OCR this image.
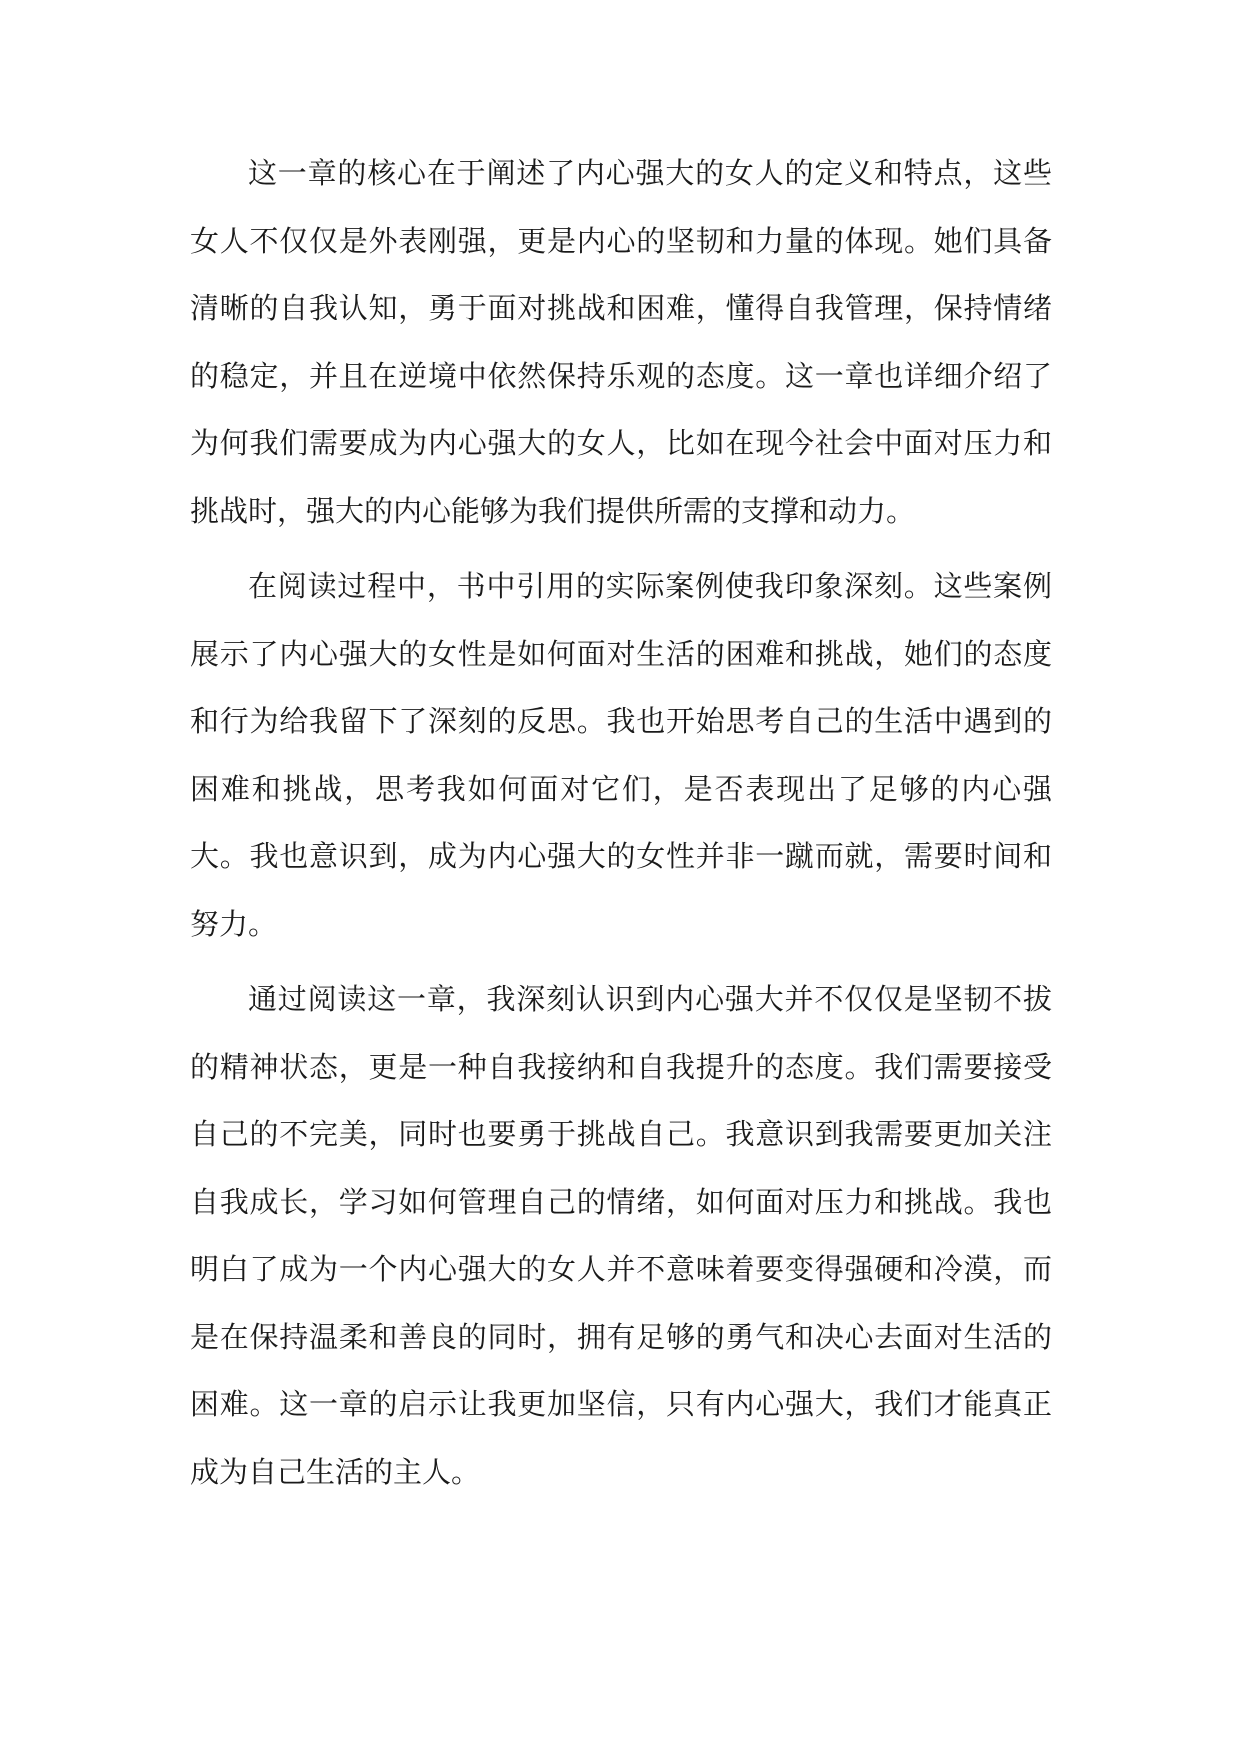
这一章的核心在于阐述了内心强大的女人的定义和特点，这些女人不仅仅是外表刚强，更是内心的坚韧和力量的体现。她们具备清晰的自我认知，勇于面对挑战和困难，懂得自我管理，保持情绪的稳定，并且在逆境中依然保持乐观的态度。这一章也详细介绍了为何我们需要成为内心强大的女人，比如在现今社会中面对压力和挑战时，强大的内心能够为我们提供所需的支撑和动力。

在阅读过程中，书中引用的实际案例使我印象深刻。这些案例展示了内心强大的女性是如何面对生活的困难和挑战，她们的态度和行为给我留下了深刻的反思。我也开始思考自己的生活中遇到的困难和挑战，思考我如何面对它们，是否表现出了足够的内心强大。我也意识到，成为内心强大的女性并非一蹴而就，需要时间和努力。

通过阅读这一章，我深刻认识到内心强大并不仅仅是坚韧不拔的精神状态，更是一种自我接纳和自我提升的态度。我们需要接受自己的不完美，同时也要勇于挑战自己。我意识到我需要更加关注自我成长，学习如何管理自己的情绪，如何面对压力和挑战。我也明白了成为一个内心强大的女人并不意味着要变得强硬和冷漠，而是在保持温柔和善良的同时，拥有足够的勇气和决心去面对生活的困难。这一章的启示让我更加坚信，只有内心强大，我们才能真正成为自己生活的主人。
